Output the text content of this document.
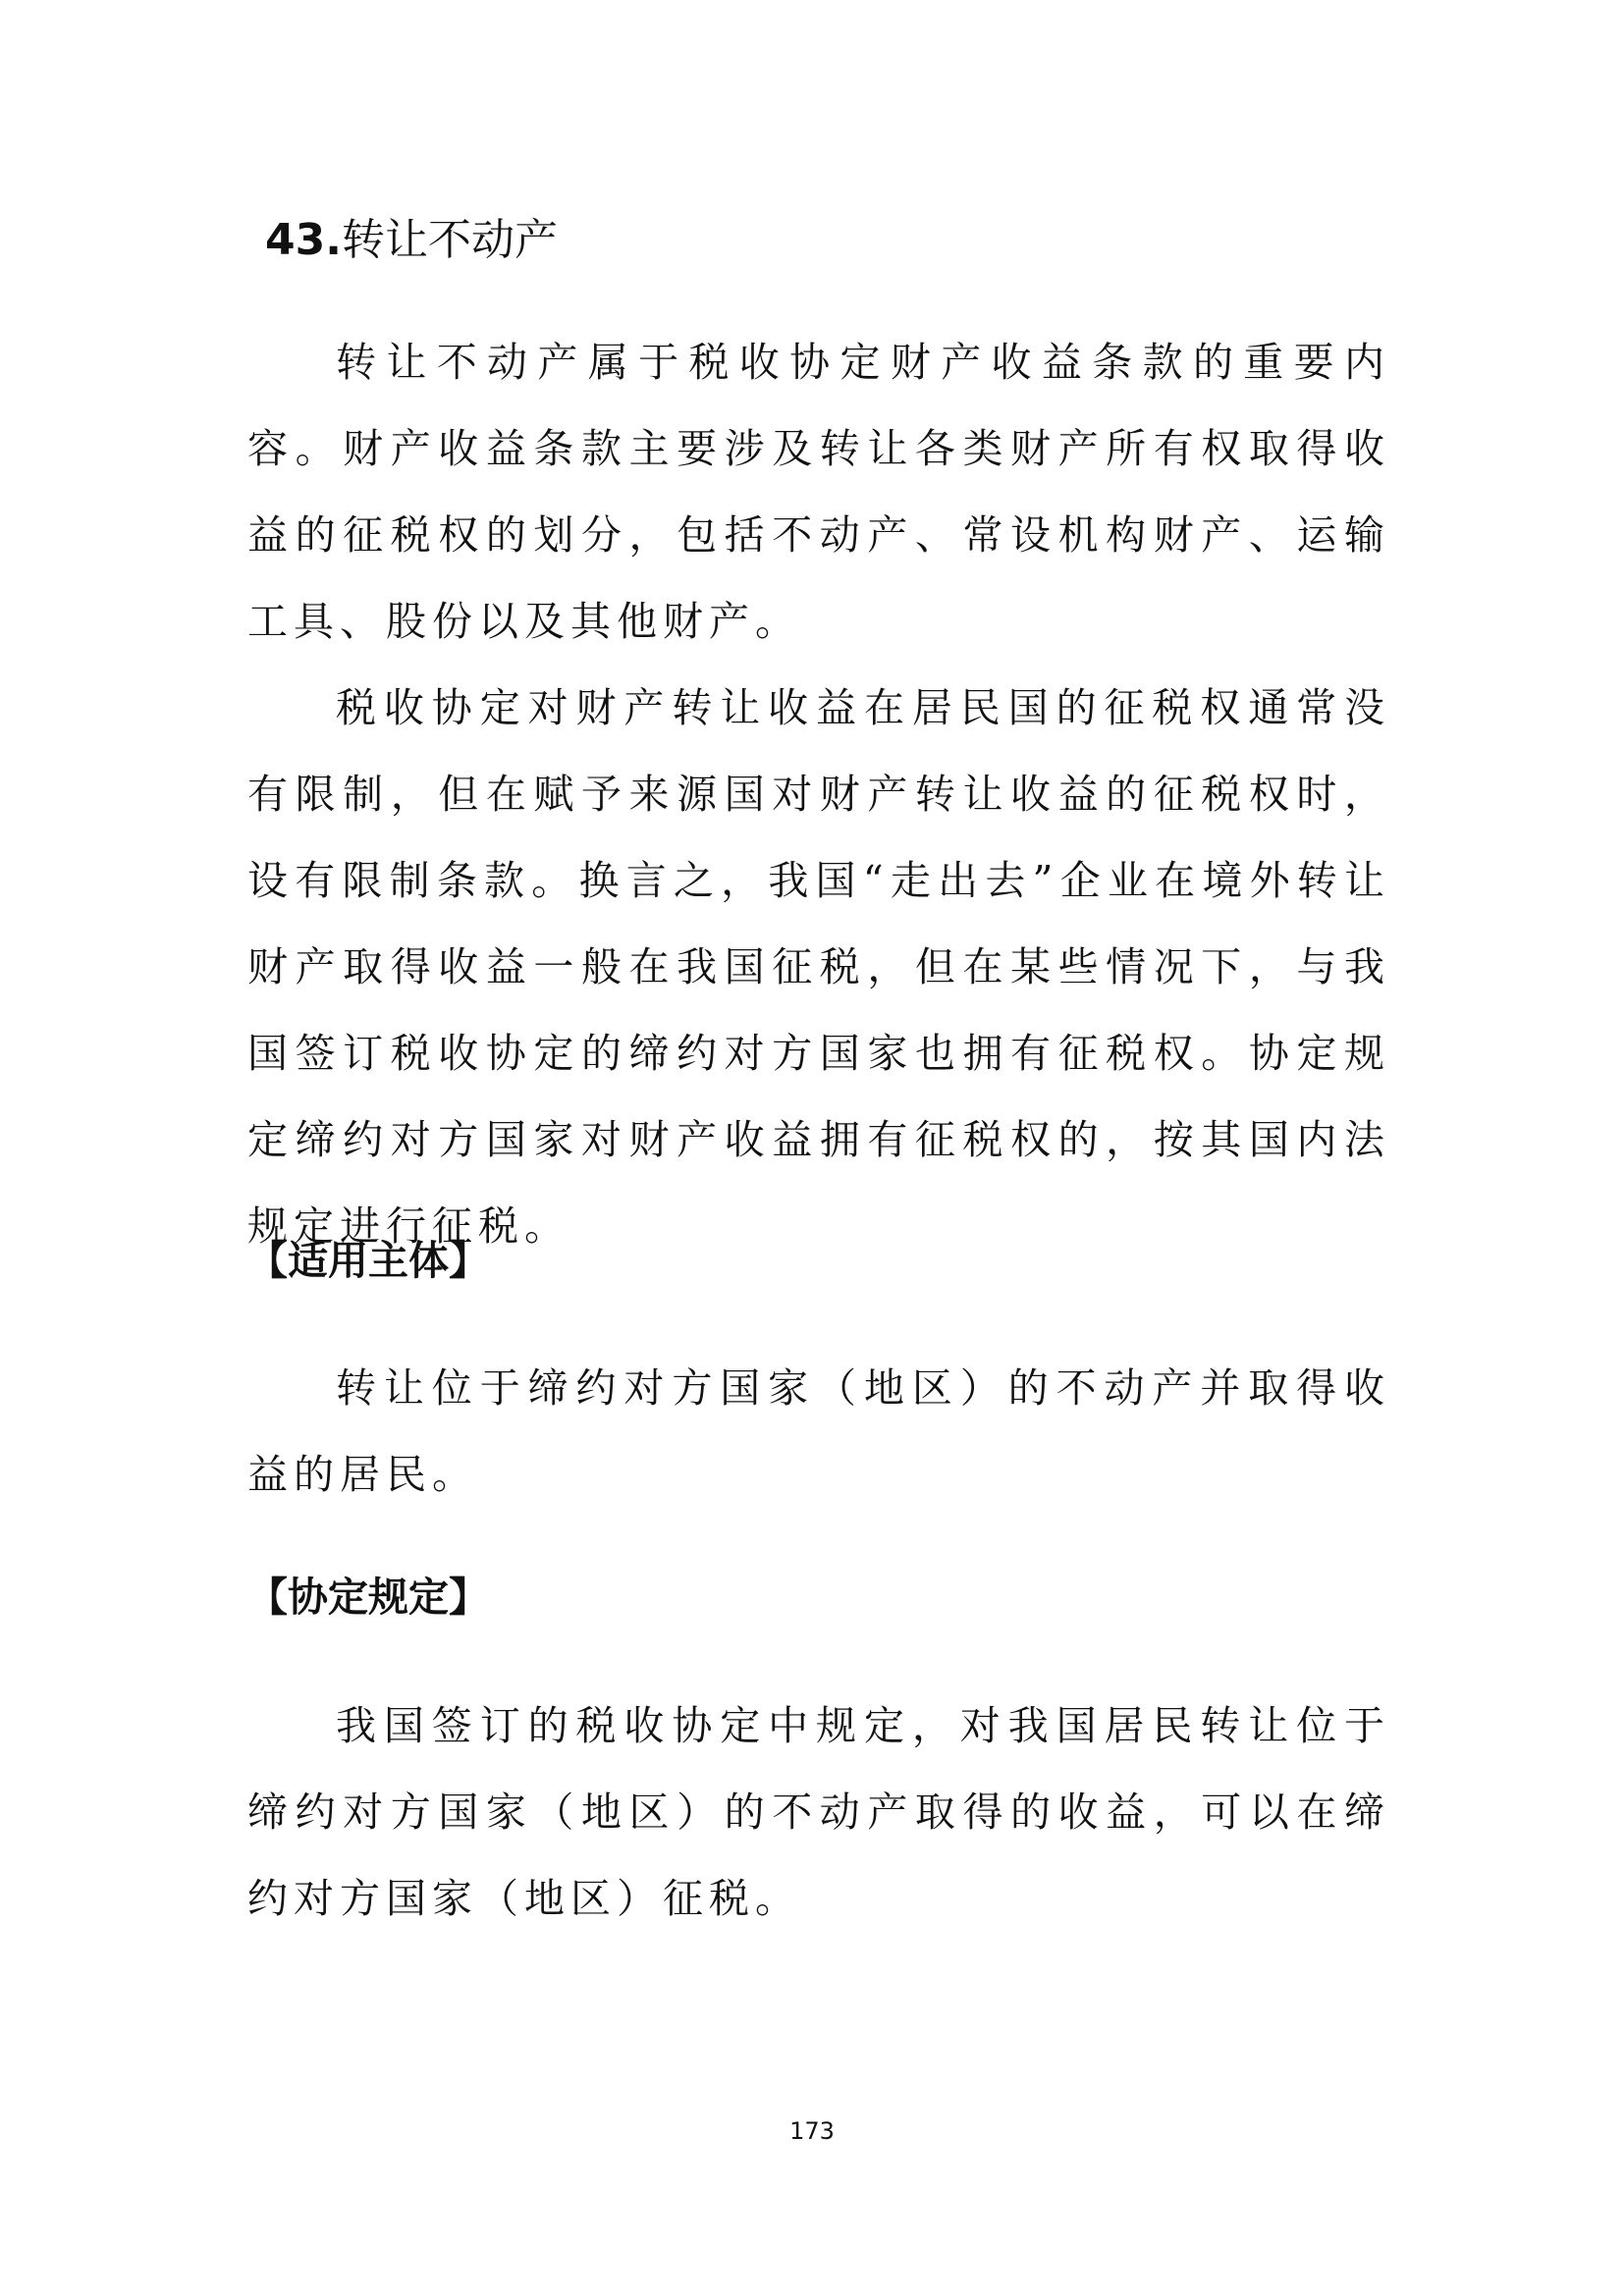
43.转让不动产

转让不动产属于税收协定财产收益条款的重要内容。财产收益条款主要涉及转让各类财产所有权取得收益的征税权的划分，包括不动产、常设机构财产、运输工具、股份以及其他财产。

税收协定对财产转让收益在居民国的征税权通常没有限制，但在赋予来源国对财产转让收益的征税权时，设有限制条款。换言之，我国“走出去”企业在境外转让财产取得收益一般在我国征税，但在某些情况下，与我国签订税收协定的缔约对方国家也拥有征税权。协定规定缔约对方国家对财产收益拥有征税权的，按其国内法规定进行征税。

【适用主体】

转让位于缔约对方国家（地区）的不动产并取得收益的居民。

【协定规定】

我国签订的税收协定中规定，对我国居民转让位于缔约对方国家（地区）的不动产取得的收益，可以在缔约对方国家（地区）征税。

173
